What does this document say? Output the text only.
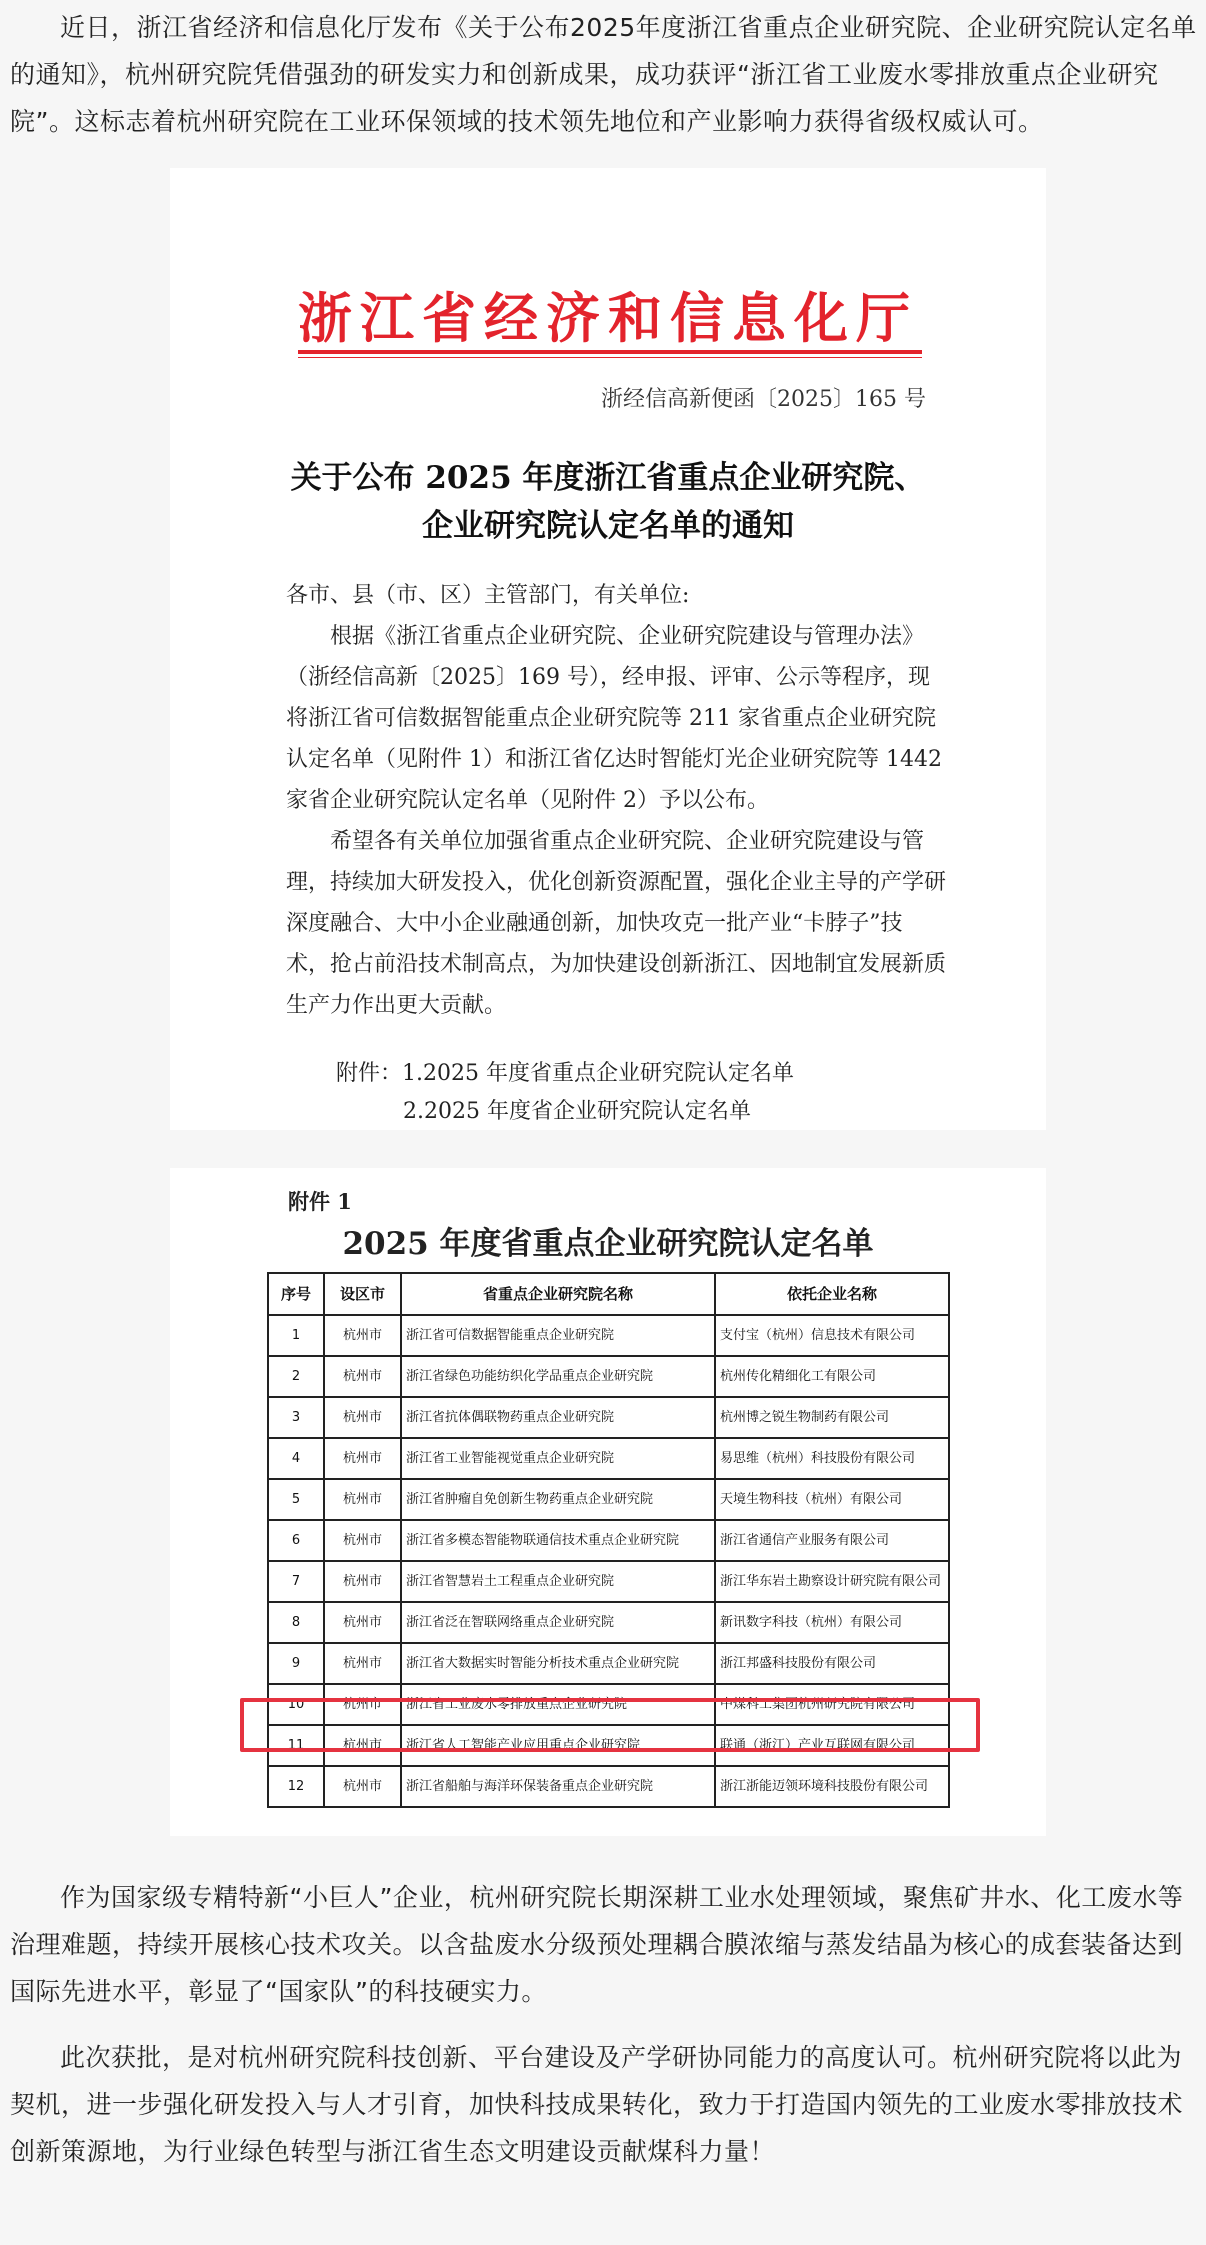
近日，浙江省经济和信息化厅发布《关于公布2025年度浙江省重点企业研究院、企业研究院认定名单的通知》，杭州研究院凭借强劲的研发实力和创新成果，成功获评“浙江省工业废水零排放重点企业研究院”。这标志着杭州研究院在工业环保领域的技术领先地位和产业影响力获得省级权威认可。

浙江省经济和信息化厅
浙经信高新便函〔2025〕165 号
关于公布 2025 年度浙江省重点企业研究院、
企业研究院认定名单的通知
各市、县（市、区）主管部门，有关单位:
根据《浙江省重点企业研究院、企业研究院建设与管理办法》（浙经信高新〔2025〕169 号），经申报、评审、公示等程序，现将浙江省可信数据智能重点企业研究院等 211 家省重点企业研究院认定名单（见附件 1）和浙江省亿达时智能灯光企业研究院等 1442 家省企业研究院认定名单（见附件 2）予以公布。
希望各有关单位加强省重点企业研究院、企业研究院建设与管理，持续加大研发投入，优化创新资源配置，强化企业主导的产学研深度融合、大中小企业融通创新，加快攻克一批产业“卡脖子”技术，抢占前沿技术制高点，为加快建设创新浙江、因地制宜发展新质生产力作出更大贡献。
附件：1.2025 年度省重点企业研究院认定名单
2.2025 年度省企业研究院认定名单
附件 1
2025 年度省重点企业研究院认定名单
序号	设区市	省重点企业研究院名称	依托企业名称
1	杭州市	浙江省可信数据智能重点企业研究院	支付宝（杭州）信息技术有限公司
2	杭州市	浙江省绿色功能纺织化学品重点企业研究院	杭州传化精细化工有限公司
3	杭州市	浙江省抗体偶联物药重点企业研究院	杭州博之锐生物制药有限公司
4	杭州市	浙江省工业智能视觉重点企业研究院	易思维（杭州）科技股份有限公司
5	杭州市	浙江省肿瘤自免创新生物药重点企业研究院	天境生物科技（杭州）有限公司
6	杭州市	浙江省多模态智能物联通信技术重点企业研究院	浙江省通信产业服务有限公司
7	杭州市	浙江省智慧岩土工程重点企业研究院	浙江华东岩土勘察设计研究院有限公司
8	杭州市	浙江省泛在智联网络重点企业研究院	新讯数字科技（杭州）有限公司
9	杭州市	浙江省大数据实时智能分析技术重点企业研究院	浙江邦盛科技股份有限公司
10	杭州市	浙江省工业废水零排放重点企业研究院	中煤科工集团杭州研究院有限公司
11	杭州市	浙江省人工智能产业应用重点企业研究院	联通（浙江）产业互联网有限公司
12	杭州市	浙江省船舶与海洋环保装备重点企业研究院	浙江浙能迈领环境科技股份有限公司

作为国家级专精特新“小巨人”企业，杭州研究院长期深耕工业水处理领域，聚焦矿井水、化工废水等治理难题，持续开展核心技术攻关。以含盐废水分级预处理耦合膜浓缩与蒸发结晶为核心的成套装备达到国际先进水平，彰显了“国家队”的科技硬实力。

此次获批，是对杭州研究院科技创新、平台建设及产学研协同能力的高度认可。杭州研究院将以此为契机，进一步强化研发投入与人才引育，加快科技成果转化，致力于打造国内领先的工业废水零排放技术创新策源地，为行业绿色转型与浙江省生态文明建设贡献煤科力量！
